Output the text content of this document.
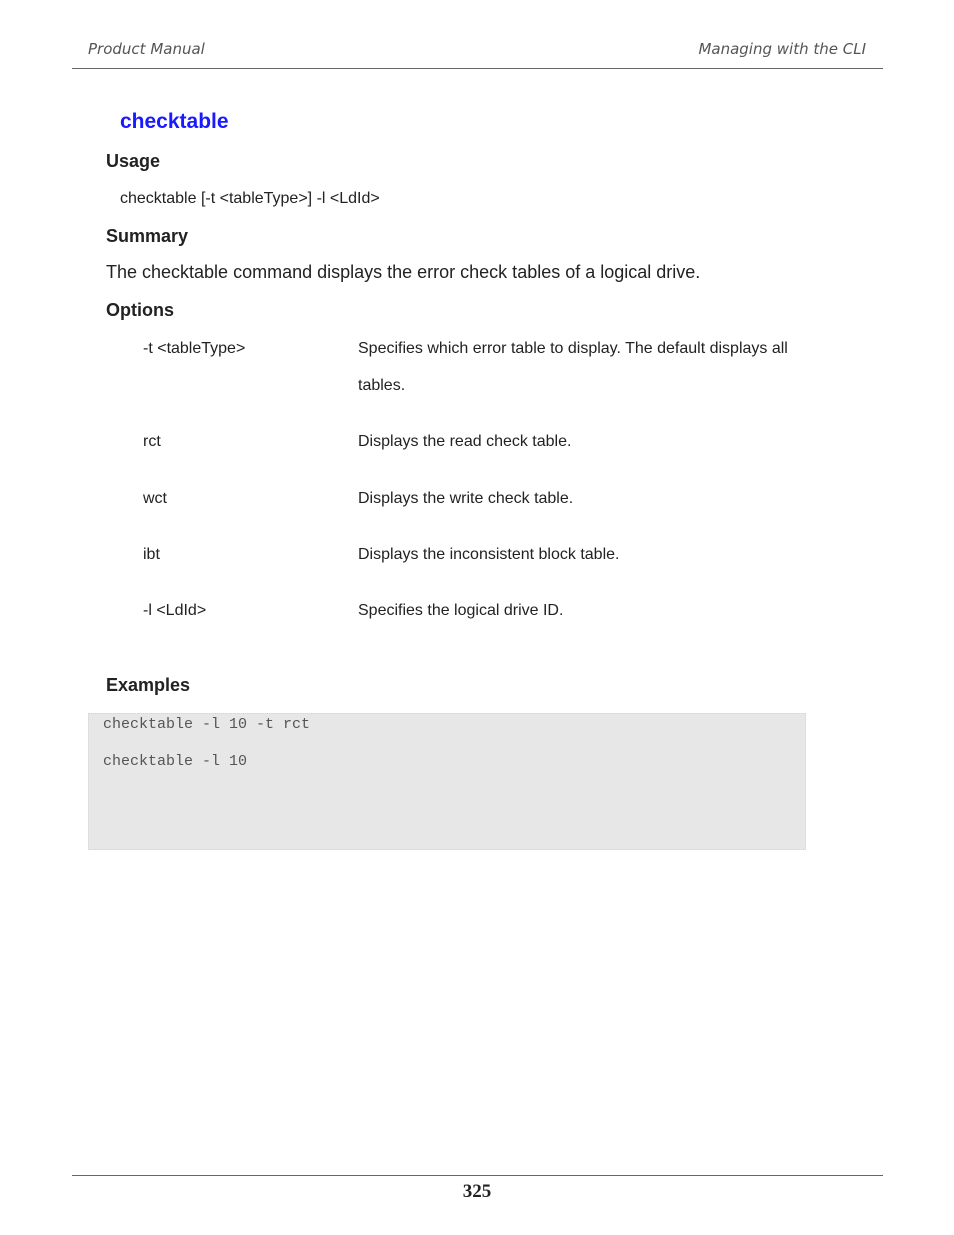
Product Manual	Managing with the CLI
checktable
Usage
checktable [-t <tableType>] -l <LdId>
Summary
The checktable command displays the error check tables of a logical drive.
Options
-t <tableType>	Specifies which error table to display. The default displays all
tables.
rct	Displays the read check table.
wct	Displays the write check table.
ibt	Displays the inconsistent block table.
-l <LdId>	Specifies the logical drive ID.
Examples
checktable -l 10 -t rct
checktable -l 10
325
